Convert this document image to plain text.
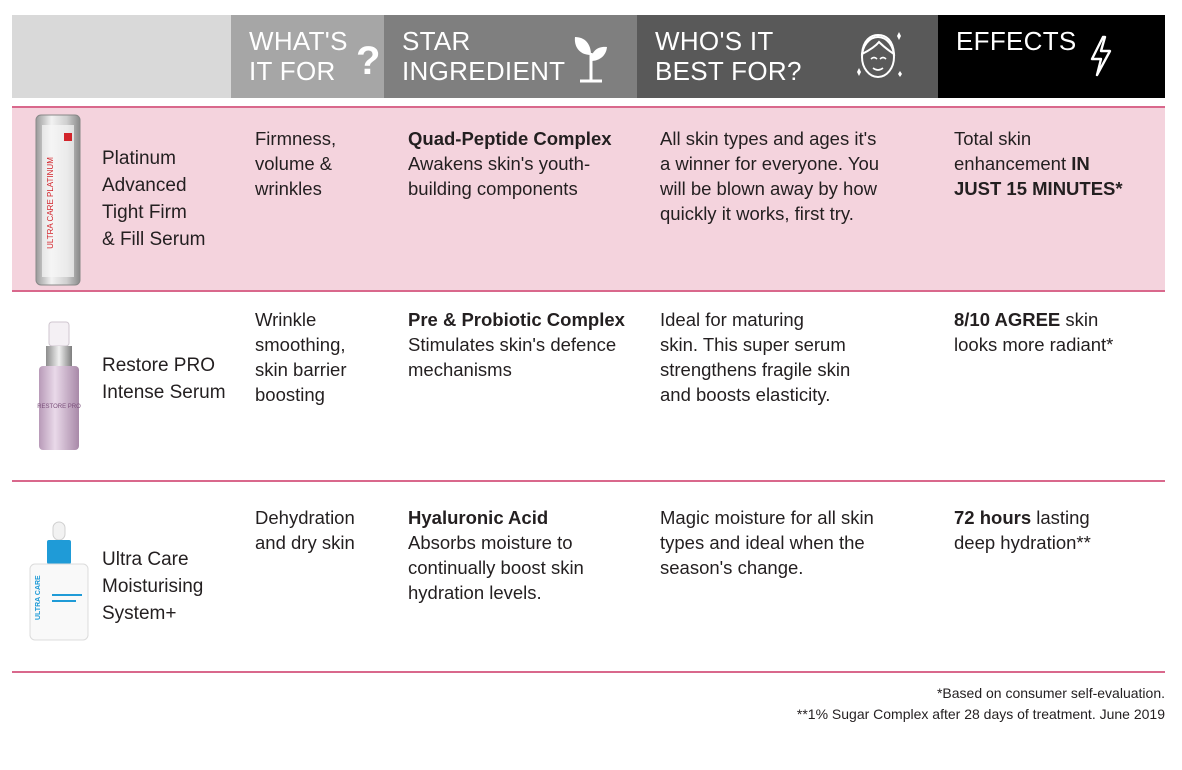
WHAT'S
IT FOR ? STAR
INGREDIENT
WHO'S IT
BEST FOR?
EFFECTS
ULTRA CARE PLATINUM Platinum
Advanced
Tight Firm
& Fill Serum
Firmness,
volume &
wrinkles
Quad-Peptide Complex
Awakens skin's youth-
building components
All skin types and ages it's
a winner for everyone. You
will be blown away by how
quickly it works, first try.
Total skin
enhancement IN
JUST 15 MINUTES*
RESTORE PRO
Restore PRO
Intense Serum
Wrinkle
smoothing,
skin barrier
boosting
Pre & Probiotic Complex
Stimulates skin's defence
mechanisms
Ideal for maturing
skin. This super serum
strengthens fragile skin
and boosts elasticity.
8/10 AGREE skin
looks more radiant*
ULTRA CARE
Ultra Care
Moisturising
System+
Dehydration
and dry skin
Hyaluronic Acid
Absorbs moisture to
continually boost skin
hydration levels.
Magic moisture for all skin
types and ideal when the
season's change.
72 hours lasting
deep hydration**
*Based on consumer self-evaluation.
**1% Sugar Complex after 28 days of treatment. June 2019
